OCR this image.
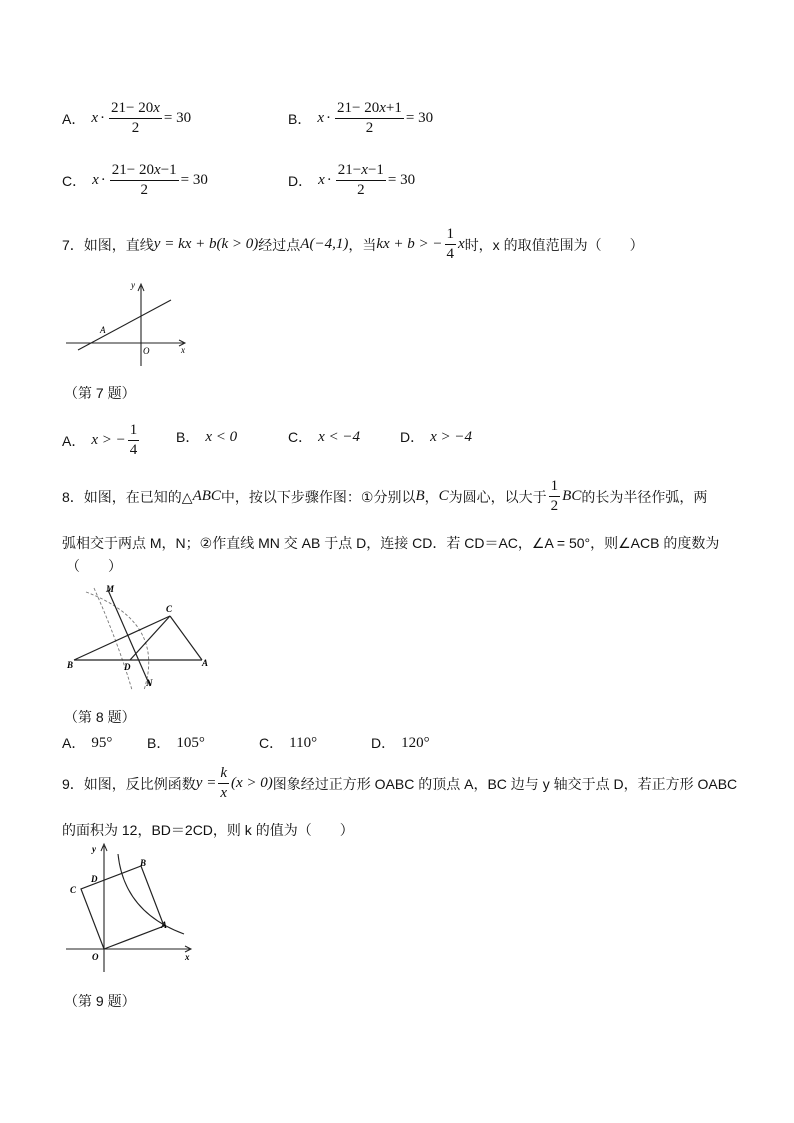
A． $x \cdot \frac{21- 20x}{2} = 30$	B． $x \cdot \frac{21- 20x+1}{2} = 30$
C． $x \cdot \frac{21- 20x-1}{2} = 30$	D． $x \cdot \frac{21-x-1}{2} = 30$
7． 如图，直线 y = kx + b (k > 0) 经过点 A(−4,1) ，当 kx + b > − $\frac{1}{4}$ x 时，x 的取值范围为（　　）
y
x
O
A
（第 7 题）
A． x > − $\frac{1}{4}$	B． x < 0	C． x < −4	D． x > −4
8． 如图，在已知的△ ABC 中，按以下步骤作图：①分别以 B ， C 为圆心，以大于 $\frac{1}{2}$ BC 的长为半径作弧，两
弧相交于两点 M，N；②作直线 MN 交 AB 于点 D，连接 CD．若 CD＝AC，∠A = 50°，则∠ACB 的度数为
（　　）
M
C
B	D	A
N
（第 8 题）
A． 95° B． 105°	C． 110°	D． 120°
9． 如图，反比例函数 $y = \frac{k}{x} (x > 0)$ 图象经过正方形 OABC 的顶点 A，BC 边与 y 轴交于点 D，若正方形 OABC
的面积为 12，BD＝2CD，则 k 的值为（　　）
y
x
O
A
B
C
D
（第 9 题）
